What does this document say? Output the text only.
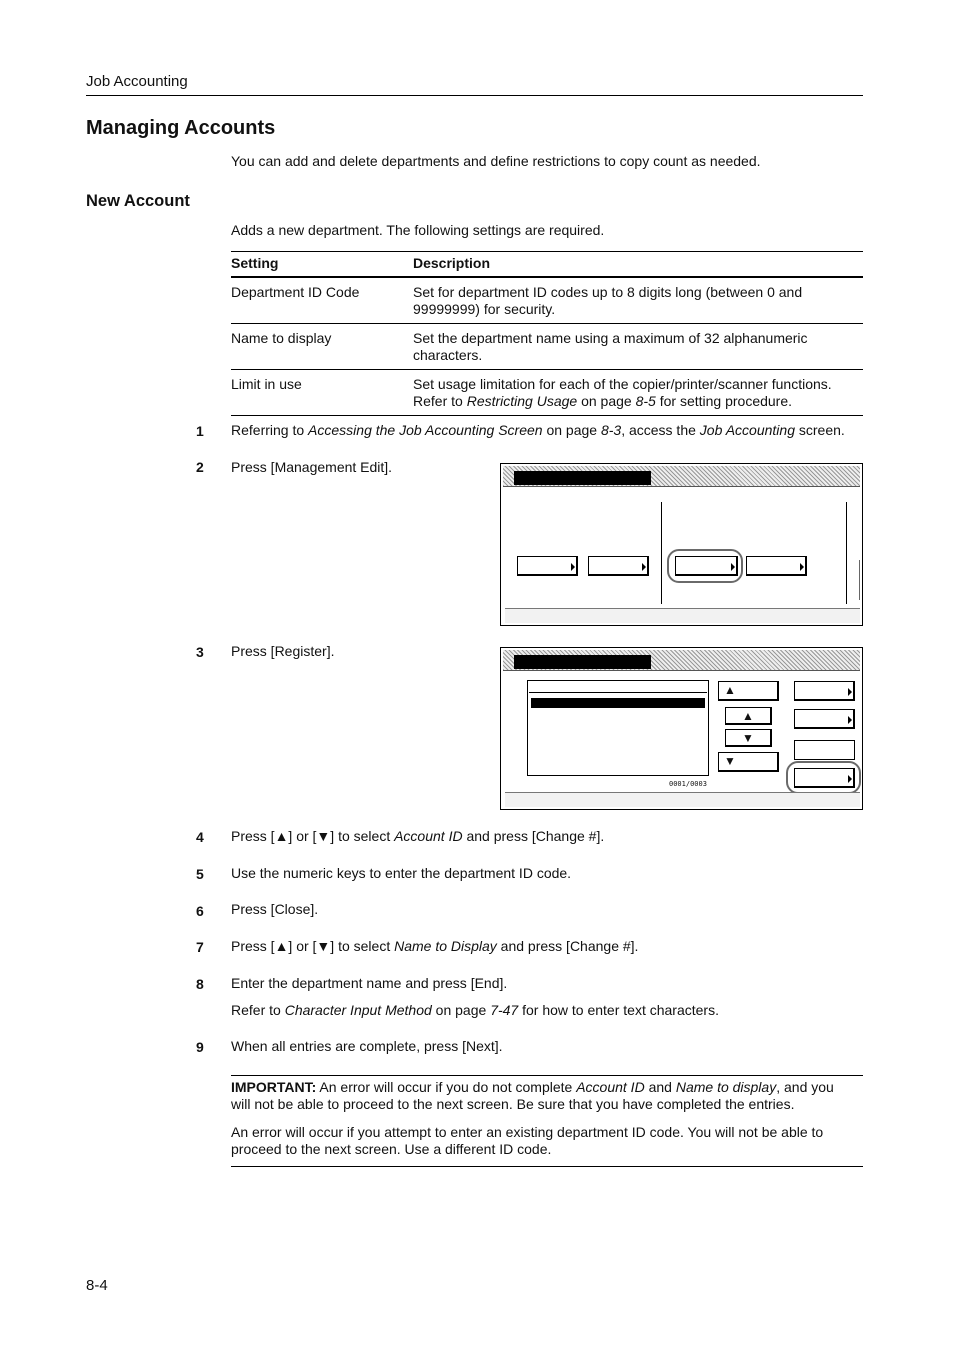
Job Accounting
Managing Accounts
You can add and delete departments and define restrictions to copy count as needed.
New Account
Adds a new department. The following settings are required.
Setting	Description
Department ID Code	Set for department ID codes up to 8 digits long (between 0 and
99999999) for security.

Name to display	Set the department name using a maximum of 32 alphanumeric
characters.

Limit in use	Set usage limitation for each of the copier/printer/scanner functions.
Refer to Restricting Usage on page 8-5 for setting procedure.
1 Referring to Accessing the Job Accounting Screen on page 8-3, access the Job Accounting screen.
2 Press [Management Edit].
3 Press [Register].
0001/0003
▲
▲
▼
▼
4 Press [▲] or [▼] to select Account ID and press [Change #].
5 Use the numeric keys to enter the department ID code.
6 Press [Close].
7 Press [▲] or [▼] to select Name to Display and press [Change #].
8 Enter the department name and press [End].
Refer to Character Input Method on page 7-47 for how to enter text characters.
9 When all entries are complete, press [Next].
IMPORTANT: An error will occur if you do not complete Account ID and Name to display, and you
will not be able to proceed to the next screen. Be sure that you have completed the entries.
An error will occur if you attempt to enter an existing department ID code. You will not be able to
proceed to the next screen. Use a different ID code.
8-4
